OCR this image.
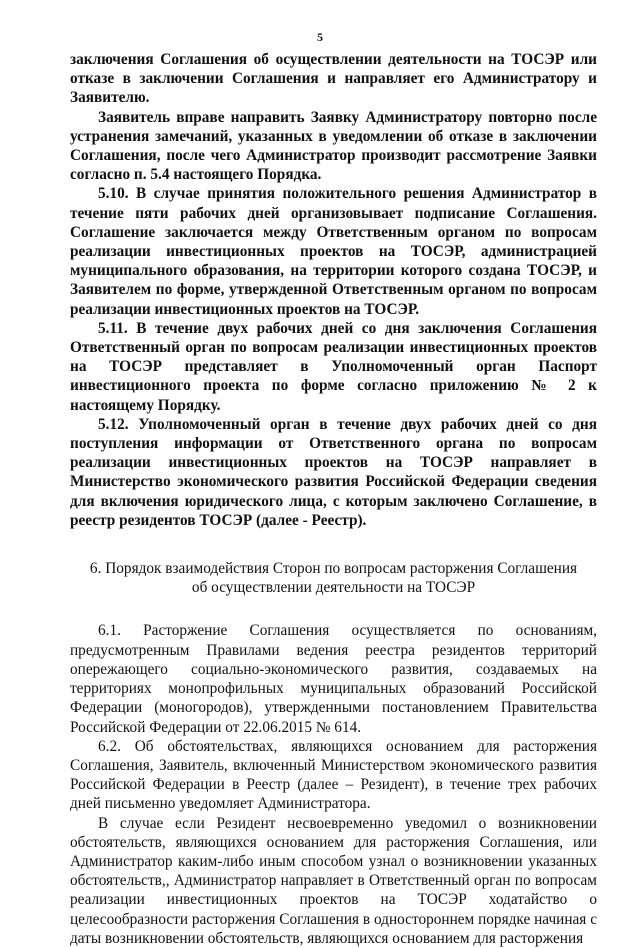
5

заключения Соглашения об осуществлении деятельности на ТОСЭР или отказе в заключении Соглашения и направляет его Администратору и Заявителю.

Заявитель вправе направить Заявку Администратору повторно после устранения замечаний, указанных в уведомлении об отказе в заключении Соглашения, после чего Администратор производит рассмотрение Заявки согласно п. 5.4 настоящего Порядка.

5.10. В случае принятия положительного решения Администратор в течение пяти рабочих дней организовывает подписание Соглашения. Соглашение заключается между Ответственным органом по вопросам реализации инвестиционных проектов на ТОСЭР, администрацией муниципального образования, на территории которого создана ТОСЭР, и Заявителем по форме, утвержденной Ответственным органом по вопросам реализации инвестиционных проектов на ТОСЭР.

5.11. В течение двух рабочих дней со дня заключения Соглашения Ответственный орган по вопросам реализации инвестиционных проектов на ТОСЭР представляет в Уполномоченный орган Паспорт инвестиционного проекта по форме согласно приложению № 2 к настоящему Порядку.

5.12. Уполномоченный орган в течение двух рабочих дней со дня поступления информации от Ответственного органа по вопросам реализации инвестиционных проектов на ТОСЭР направляет в Министерство экономического развития Российской Федерации сведения для включения юридического лица, с которым заключено Соглашение, в реестр резидентов ТОСЭР (далее - Реестр).

6. Порядок взаимодействия Сторон по вопросам расторжения Соглашения
об осуществлении деятельности на ТОСЭР

6.1. Расторжение Соглашения осуществляется по основаниям, предусмотренным Правилами ведения реестра резидентов территорий опережающего социально-экономического развития, создаваемых на территориях монопрофильных муниципальных образований Российской Федерации (моногородов), утвержденными постановлением Правительства Российской Федерации от 22.06.2015 № 614.

6.2. Об обстоятельствах, являющихся основанием для расторжения Соглашения, Заявитель, включенный Министерством экономического развития Российской Федерации в Реестр (далее – Резидент), в течение трех рабочих дней письменно уведомляет Администратора.

В случае если Резидент несвоевременно уведомил о возникновении обстоятельств, являющихся основанием для расторжения Соглашения, или Администратор каким-либо иным способом узнал о возникновении указанных обстоятельств,, Администратор направляет в Ответственный орган по вопросам реализации инвестиционных проектов на ТОСЭР ходатайство о целесообразности расторжения Соглашения в одностороннем порядке начиная с даты возникновении обстоятельств, являющихся основанием для расторжения
